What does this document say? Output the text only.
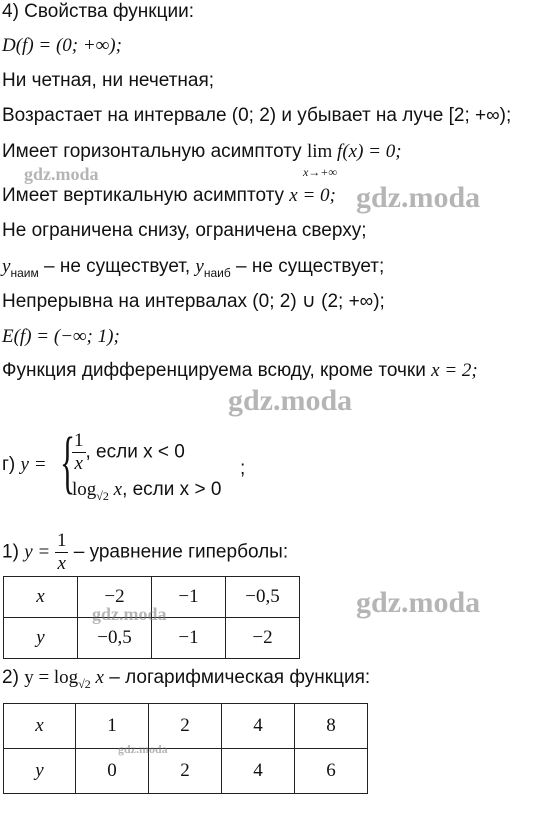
4) Свойства функции:
D(f) = (0; +∞);
Ни четная, ни нечетная;
Возрастает на интервале (0; 2) и убывает на луче [2; +∞);
Имеет горизонтальную асимптоту lim
x→+∞
f(x) = 0;
Имеет вертикальную асимптоту x = 0;
Не ограничена снизу, ограничена сверху;
$y_{наим}$ – не существует, $y_{наиб}$ – не существует;
Непрерывна на интервалах (0; 2) ∪ (2; +∞);
E(f) = (−∞; 1);
Функция дифференцируема всюду, кроме точки x = 2;
г) y = {
$\frac{1}{x}$ , если x < 0
$\log_{√2} x$, если x > 0
;
1) $y = \frac{1}{x}$ – уравнение гиперболы:
x	−2	−1	−0,5
y	−0,5	−1	−2
2) $y = \log_{√2} x$ – логарифмическая функция:
x	1	2	4	8
y	0	2	4	6
gdz.moda
gdz.moda
gdz.moda
gdz.moda
gdz.moda
gdz.moda
